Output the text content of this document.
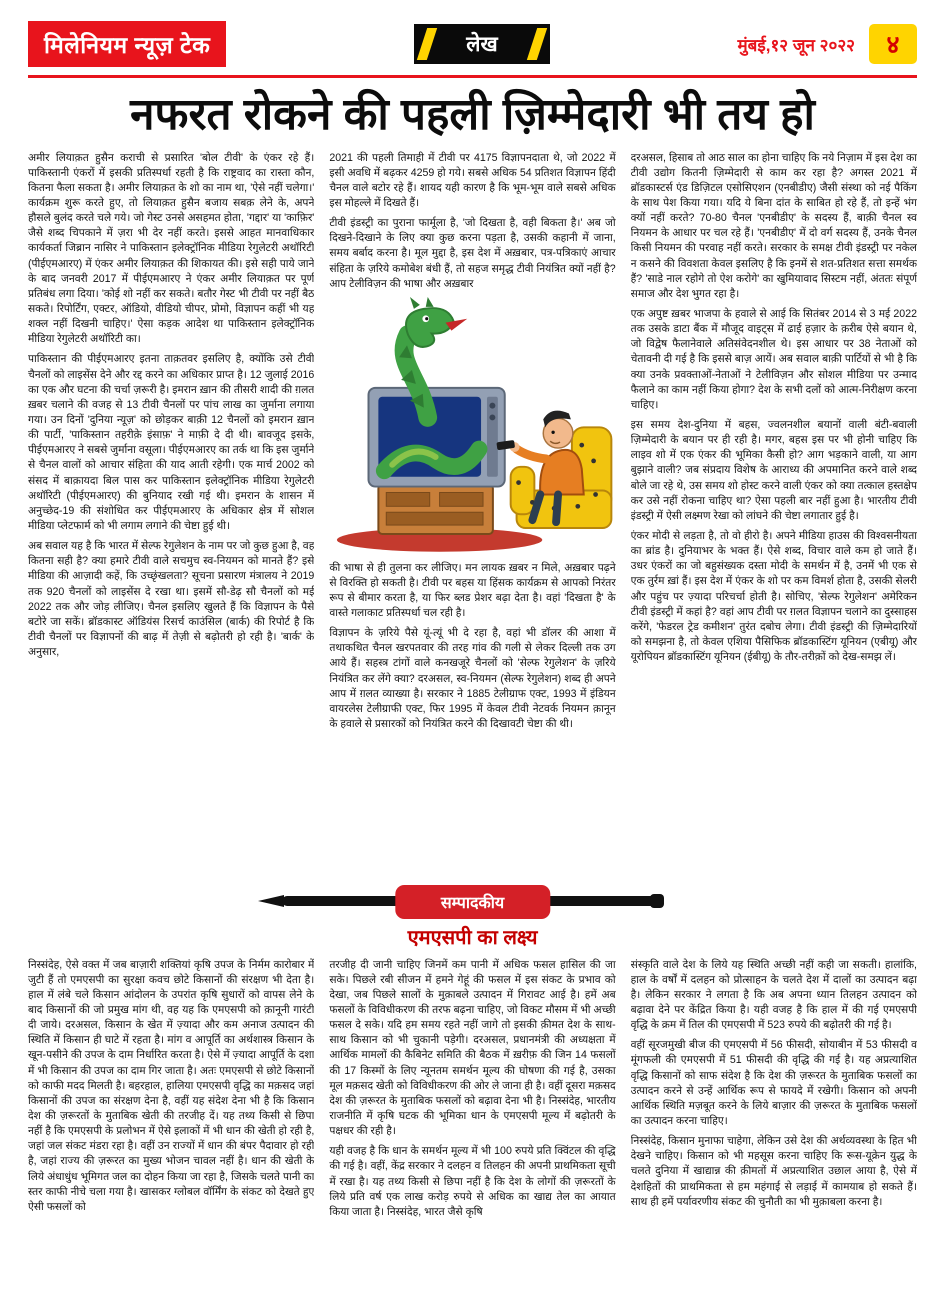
मिलेनियम न्यूज़ टेक	लेख	मुंबई,१२ जून २०२२	४
नफरत रोकने की पहली ज़िम्मेदारी भी तय हो

अमीर लियाक़त हुसैन कराची से प्रसारित 'बोल टीवी' के एंकर रहे हैं। पाकिस्तानी एंकरों में इसकी प्रतिस्पर्धा रहती है कि राष्ट्रवाद का रास्ता कौन, कितना फैला सकता है। अमीर लियाक़त के शो का नाम था, 'ऐसे नहीं चलेगा।' कार्यक्रम शुरू करते हुए, तो लियाक़त हुसैन बजाय सबक़ लेने के, अपने हौसले बुलंद करते चले गये। जो गेस्ट उनसे असहमत होता, 'गद्दार' या 'काफ़िर' जैसे शब्द चिपकाने में ज़रा भी देर नहीं करते। इससे आहत मानवाधिकार कार्यकर्ता जिब्रान नासिर ने पाकिस्तान इलेक्ट्रॉनिक मीडिया रेगुलेटरी अथॉरिटी (पीईएमआरए) में एंकर अमीर लियाक़त की शिकायत की। इसे सही पाये जाने के बाद जनवरी 2017 में पीईएमआरए ने एंकर अमीर लियाक़त पर पूर्ण प्रतिबंध लगा दिया। 'कोई शो नहीं कर सकते। बतौर गेस्ट भी टीवी पर नहीं बैठ सकते। रिपोर्टिंग, एक्टर, ऑडियो, वीडियो चीपर, प्रोमो, विज्ञापन कहीं भी यह शक्ल नहीं दिखनी चाहिए।' ऐसा कड़क आदेश था पाकिस्तान इलेक्ट्रॉनिक मीडिया रेगुलेटरी अथॉरिटी का।

पाकिस्तान की पीईएमआरए इतना ताक़तवर इसलिए है, क्योंकि उसे टीवी चैनलों को लाइसेंस देने और रद्द करने का अधिकार प्राप्त है। 12 जुलाई 2016 का एक और घटना की चर्चा ज़रूरी है। इमरान ख़ान की तीसरी शादी की ग़लत ख़बर चलाने की वजह से 13 टीवी चैनलों पर पांच लाख का जुर्माना लगाया गया। उन दिनों 'दुनिया न्यूज़' को छोड़कर बाक़ी 12 चैनलों को इमरान ख़ान की पार्टी, 'पाकिस्तान तहरीक़े इंसाफ़' ने माफ़ी दे दी थी। बावजूद इसके, पीईएमआरए ने सबसे जुर्माना वसूला। पीईएमआरए का तर्क था कि इस जुर्माने से चैनल वालों को आचार संहिता की याद आती रहेगी। एक मार्च 2002 को संसद में बाक़ायदा बिल पास कर पाकिस्तान इलेक्ट्रॉनिक मीडिया रेगुलेटरी अथॉरिटी (पीईएमआरए) की बुनियाद रखी गई थी। इमरान के शासन में अनुच्छेद-19 की संशोधित कर पीईएमआरए के अधिकार क्षेत्र में सोशल मीडिया प्लेटफार्म को भी लगाम लगाने की चेष्टा हुई थी।

अब सवाल यह है कि भारत में सेल्फ रेगुलेशन के नाम पर जो कुछ हुआ है, वह कितना सही है? क्या हमारे टीवी वाले सचमुच स्व-नियमन को मानते हैं? इसे मीडिया की आज़ादी कहें, कि उच्छृंखलता? सूचना प्रसारण मंत्रालय ने 2019 तक 920 चैनलों को लाइसेंस दे रखा था। इसमें सौ-डेढ़ सौ चैनलों को मई 2022 तक और जोड़ लीजिए। चैनल इसलिए खुलते हैं कि विज्ञापन के पैसे बटोरे जा सकें। ब्रॉडकास्ट ऑडियंस रिसर्च काउंसिल (बार्क) की रिपोर्ट है कि टीवी चैनलों पर विज्ञापनों की बाढ़ में तेज़ी से बढ़ोतरी हो रही है। 'बार्क' के अनुसार,

2021 की पहली तिमाही में टीवी पर 4175 विज्ञापनदाता थे, जो 2022 में इसी अवधि में बढ़कर 4259 हो गये। सबसे अधिक 54 प्रतिशत विज्ञापन हिंदी चैनल वाले बटोर रहे हैं। शायद यही कारण है कि भूम-भूम वाले सबसे अधिक इस मोहल्ले में दिखते हैं।

टीवी इंडस्ट्री का पुराना फार्मूला है, 'जो दिखता है, वही बिकता है।' अब जो दिखने-दिखाने के लिए क्या कुछ करना पड़ता है, उसकी कहानी में जाना, समय बर्बाद करना है। मूल मुद्दा है, इस देश में अख़बार, पत्र-पत्रिकाएं आचार संहिता के ज़रिये कमोबेश बंधी हैं, तो सहज समृद्ध टीवी नियंत्रित क्यों नहीं है? आप टेलीविज़न की भाषा और अख़बार

की भाषा से ही तुलना कर लीजिए। मन लायक ख़बर न मिले, अख़बार पढ़ने से विरक्ति हो सकती है। टीवी पर बहस या हिंसक कार्यक्रम से आपको निरंतर रूप से बीमार करता है, या फिर ब्लड प्रेशर बढ़ा देता है। वहां 'दिखता है' के वास्ते गलाकाट प्रतिस्पर्धा चल रही है।

विज्ञापन के ज़रिये पैसे यूं-त्यूं भी दे रहा है, वहां भी डॉलर की आशा में तथाकथित चैनल खरपतवार की तरह गांव की गली से लेकर दिल्ली तक उग आये हैं। सहस्त्र टांगों वाले कनखजूरे चैनलों को 'सेल्फ रेगुलेशन' के ज़रिये नियंत्रित कर लेंगे क्या? दरअसल, स्व-नियमन (सेल्फ रेगुलेशन) शब्द ही अपने आप में ग़लत व्याख्या है। सरकार ने 1885 टेलीग्राफ एक्ट, 1993 में इंडियन वायरलेस टेलीग्राफी एक्ट, फिर 1995 में केवल टीवी नेटवर्क नियमन क़ानून के हवाले से प्रसारकों को नियंत्रित करने की दिखावटी चेष्टा की थी।

दरअसल, हिसाब तो आठ साल का होना चाहिए कि नये निज़ाम में इस देश का टीवी उद्योग कितनी ज़िम्मेदारी से काम कर रहा है? अगस्त 2021 में ब्रॉडकास्टर्स एंड डिज़िटल एसोसिएशन (एनबीडीए) जैसी संस्था को नई पैकिंग के साथ पेश किया गया। यदि ये बिना दांत के साबित हो रहे हैं, तो इन्हें भंग क्यों नहीं करते? 70-80 चैनल 'एनबीडीए' के सदस्य हैं, बाक़ी चैनल स्व नियमन के आधार पर चल रहे हैं। 'एनबीडीए' में दो वर्ग सदस्य हैं, उनके चैनल किसी नियमन की परवाह नहीं करते। सरकार के समक्ष टीवी इंडस्ट्री पर नकेल न कसने की विवशता केवल इसलिए है कि इनमें से शत-प्रतिशत सत्ता समर्थक हैं? 'साडे नाल रहोगे तो ऐश करोगे' का खुमियावाद सिस्टम नहीं, अंततः संपूर्ण समाज और देश भुगत रहा है।

एक अपुष्ट ख़बर भाजपा के हवाले से आई कि सितंबर 2014 से 3 मई 2022 तक उसके डाटा बैंक में मौजूद वाइट्स में ढाई हज़ार के क़रीब ऐसे बयान थे, जो विद्वेष फैलानेवाले अतिसंवेदनशील थे। इस आधार पर 38 नेताओं को चेतावनी दी गई है कि इससे बाज़ आयें। अब सवाल बाक़ी पार्टियों से भी है कि क्या उनके प्रवक्ताओं-नेताओं ने टेलीविज़न और सोशल मीडिया पर उन्माद फैलाने का काम नहीं किया होगा? देश के सभी दलों को आत्म-निरीक्षण करना चाहिए।

इस समय देश-दुनिया में बहस, ज्वलनशील बयानों वाली बंटी-बवाली ज़िम्मेदारी के बयान पर ही रही है। मगर, बहस इस पर भी होनी चाहिए कि लाइव शो में एक एंकर की भूमिका कैसी हो? आग भड़काने वाली, या आग बुझाने वाली? जब संप्रदाय विशेष के आराध्य की अपमानित करने वाले शब्द बोले जा रहे थे, उस समय शो होस्ट करने वाली एंकर को क्या तत्काल हस्तक्षेप कर उसे नहीं रोकना चाहिए था? ऐसा पहली बार नहीं हुआ है। भारतीय टीवी इंडस्ट्री में ऐसी लक्ष्मण रेखा को लांघने की चेष्टा लगातार हुई है।

एंकर मोदी से लड़ता है, तो वो हीरो है। अपने मीडिया हाउस की विश्वसनीयता का ब्रांड है। दुनियाभर के भक्त हैं। ऐसे शब्द, विचार वाले कम हो जाते हैं। उधर एंकरों का जो बहुसंख्यक दस्ता मोदी के समर्थन में है, उनमें भी एक से एक तुर्रम ख़ां हैं। इस देश में एंकर के शो पर कम विमर्श होता है, उसकी सेलरी और पहुंच पर ज़्यादा परिचर्चा होती है। सोचिए, 'सेल्फ रेगुलेशन' अमेरिकन टीवी इंडस्ट्री में कहां है? वहां आप टीवी पर ग़लत विज्ञापन चलाने का दुस्साहस करेंगे, 'फेडरल ट्रेड कमीशन' तुरंत दबोच लेगा। टीवी इंडस्ट्री की ज़िम्मेदारियों को समझना है, तो केवल एशिया पैसिफिक ब्रॉडकास्टिंग यूनियन (एबीयू) और यूरोपियन ब्रॉडकास्टिंग यूनियन (ईबीयू) के तौर-तरीक़ों को देख-समझ लें।

सम्पादकीय
एमएसपी का लक्ष्य

निस्संदेह, ऐसे वक्त में जब बाज़ारी शक्तियां कृषि उपज के निर्मम कारोबार में जुटी हैं तो एमएसपी का सुरक्षा कवच छोटे किसानों की संरक्षण भी देता है। हाल में लंबे चले किसान आंदोलन के उपरांत कृषि सुधारों को वापस लेने के बाद किसानों की जो प्रमुख मांग थी, वह यह कि एमएसपी को क़ानूनी गारंटी दी जाये। दरअसल, किसान के खेत में ज़्यादा और कम अनाज उत्पादन की स्थिति में किसान ही घाटे में रहता है। मांग व आपूर्ति का अर्थशास्त्र किसान के खून-पसीने की उपज के दाम निर्धारित करता है। ऐसे में ज़्यादा आपूर्ति के दशा में भी किसान की उपज का दाम गिर जाता है। अतः एमएसपी से छोटे किसानों को काफी मदद मिलती है। बहरहाल, हालिया एमएसपी वृद्धि का मक़सद जहां किसानों की उपज का संरक्षण देना है, वहीं यह संदेश देना भी है कि किसान देश की ज़रूरतों के मुताबिक खेती की तरजीह दें। यह तथ्य किसी से छिपा नहीं है कि एमएसपी के प्रलोभन में ऐसे इलाकों में भी धान की खेती हो रही है, जहां जल संकट मंडरा रहा है। वहीं उन राज्यों में धान की बंपर पैदावार हो रही है, जहां राज्य की ज़रूरत का मुख्य भोजन चावल नहीं है। धान की खेती के लिये अंधाधुंध भूमिगत जल का दोहन किया जा रहा है, जिसके चलते पानी का स्तर काफी नीचे चला गया है। खासकर ग्लोबल वॉर्मिंग के संकट को देखते हुए ऐसी फसलों को

तरजीह दी जानी चाहिए जिनमें कम पानी में अधिक फसल हासिल की जा सके। पिछले रबी सीजन में हमने गेहूं की फसल में इस संकट के प्रभाव को देखा, जब पिछले सालों के मुक़ाबले उत्पादन में गिरावट आई है। हमें अब फसलों के विविधीकरण की तरफ बढ़ना चाहिए, जो विकट मौसम में भी अच्छी फसल दे सके। यदि हम समय रहते नहीं जागे तो इसकी क़ीमत देश के साथ-साथ किसान को भी चुकानी पड़ेगी। दरअसल, प्रधानमंत्री की अध्यक्षता में आर्थिक मामलों की कैबिनेट समिति की बैठक में ख़रीफ़ की जिन 14 फसलों की 17 किस्मों के लिए न्यूनतम समर्थन मूल्य की घोषणा की गई है, उसका मूल मक़सद खेती को विविधीकरण की ओर ले जाना ही है। वहीं दूसरा मक़सद देश की ज़रूरत के मुताबिक फसलों को बढ़ावा देना भी है। निस्संदेह, भारतीय राजनीति में कृषि घटक की भूमिका धान के एमएसपी मूल्य में बढ़ोतरी के पक्षधर की रही है।

यही वजह है कि धान के समर्थन मूल्य में भी 100 रुपये प्रति क्विंटल की वृद्धि की गई है। वहीं, केंद्र सरकार ने दलहन व तिलहन की अपनी प्राथमिकता सूची में रखा है। यह तथ्य किसी से छिपा नहीं है कि देश के लोगों की ज़रूरतों के लिये प्रति वर्ष एक लाख करोड़ रुपये से अधिक का खाद्य तेल का आयात किया जाता है। निस्संदेह, भारत जैसे कृषि

संस्कृति वाले देश के लिये यह स्थिति अच्छी नहीं कही जा सकती। हालांकि, हाल के वर्षों में दलहन को प्रोत्साहन के चलते देश में दालों का उत्पादन बढ़ा है। लेकिन सरकार ने लगता है कि अब अपना ध्यान तिलहन उत्पादन को बढ़ावा देने पर केंद्रित किया है। यही वजह है कि हाल में की गई एमएसपी वृद्धि के क्रम में तिल की एमएसपी में 523 रुपये की बढ़ोतरी की गई है।

वहीं सूरजमुखी बीज की एमएसपी में 56 फीसदी, सोयाबीन में 53 फीसदी व मूंगफली की एमएसपी में 51 फीसदी की वृद्धि की गई है। यह अप्रत्याशित वृद्धि किसानों को साफ संदेश है कि देश की ज़रूरत के मुताबिक फसलों का उत्पादन करने से उन्हें आर्थिक रूप से फायदे में रखेगी। किसान को अपनी आर्थिक स्थिति मज़बूत करने के लिये बाज़ार की ज़रूरत के मुताबिक फसलों का उत्पादन करना चाहिए।

निस्संदेह, किसान मुनाफा चाहेगा, लेकिन उसे देश की अर्थव्यवस्था के हित भी देखने चाहिए। किसान को भी महसूस करना चाहिए कि रूस-यूक्रेन युद्ध के चलते दुनिया में खाद्यान्न की क़ीमतों में अप्रत्याशित उछाल आया है, ऐसे में देशहितों की प्राथमिकता से हम महंगाई से लड़ाई में कामयाब हो सकते हैं। साथ ही हमें पर्यावरणीय संकट की चुनौती का भी मुक़ाबला करना है।
